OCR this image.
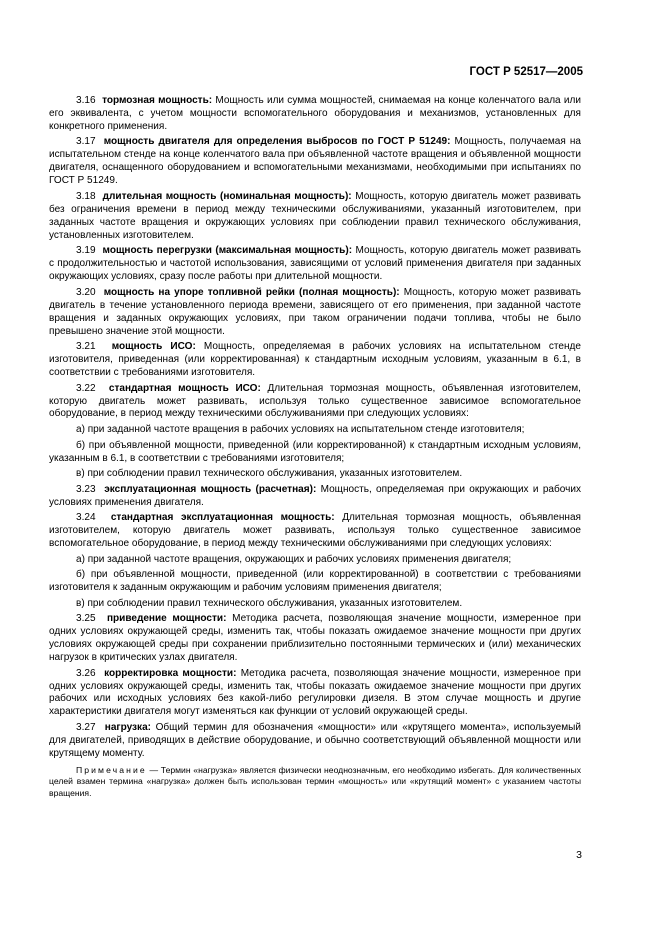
ГОСТ Р 52517—2005

3.16 тормозная мощность: Мощность или сумма мощностей, снимаемая на конце коленчатого вала или его эквивалента, с учетом мощности вспомогательного оборудования и механизмов, установленных для конкретного применения.

3.17 мощность двигателя для определения выбросов по ГОСТ Р 51249: Мощность, получаемая на испытательном стенде на конце коленчатого вала при объявленной частоте вращения и объявленной мощности двигателя, оснащенного оборудованием и вспомогательными механизмами, необходимыми при испытаниях по ГОСТ Р 51249.

3.18 длительная мощность (номинальная мощность): Мощность, которую двигатель может развивать без ограничения времени в период между техническими обслуживаниями, указанный изготовителем, при заданных частоте вращения и окружающих условиях при соблюдении правил технического обслуживания, установленных изготовителем.

3.19 мощность перегрузки (максимальная мощность): Мощность, которую двигатель может развивать с продолжительностью и частотой использования, зависящими от условий применения двигателя при заданных окружающих условиях, сразу после работы при длительной мощности.

3.20 мощность на упоре топливной рейки (полная мощность): Мощность, которую может развивать двигатель в течение установленного периода времени, зависящего от его применения, при заданной частоте вращения и заданных окружающих условиях, при таком ограничении подачи топлива, чтобы не было превышено значение этой мощности.

3.21 мощность ИСО: Мощность, определяемая в рабочих условиях на испытательном стенде изготовителя, приведенная (или корректированная) к стандартным исходным условиям, указанным в 6.1, в соответствии с требованиями изготовителя.

3.22 стандартная мощность ИСО: Длительная тормозная мощность, объявленная изготовителем, которую двигатель может развивать, используя только существенное зависимое вспомогательное оборудование, в период между техническими обслуживаниями при следующих условиях:

а) при заданной частоте вращения в рабочих условиях на испытательном стенде изготовителя;

б) при объявленной мощности, приведенной (или корректированной) к стандартным исходным условиям, указанным в 6.1, в соответствии с требованиями изготовителя;

в) при соблюдении правил технического обслуживания, указанных изготовителем.

3.23 эксплуатационная мощность (расчетная): Мощность, определяемая при окружающих и рабочих условиях применения двигателя.

3.24 стандартная эксплуатационная мощность: Длительная тормозная мощность, объявленная изготовителем, которую двигатель может развивать, используя только существенное зависимое вспомогательное оборудование, в период между техническими обслуживаниями при следующих условиях:

а) при заданной частоте вращения, окружающих и рабочих условиях применения двигателя;

б) при объявленной мощности, приведенной (или корректированной) в соответствии с требованиями изготовителя к заданным окружающим и рабочим условиям применения двигателя;

в) при соблюдении правил технического обслуживания, указанных изготовителем.

3.25 приведение мощности: Методика расчета, позволяющая значение мощности, измеренное при одних условиях окружающей среды, изменить так, чтобы показать ожидаемое значение мощности при других условиях окружающей среды при сохранении приблизительно постоянными термических и (или) механических нагрузок в критических узлах двигателя.

3.26 корректировка мощности: Методика расчета, позволяющая значение мощности, измеренное при одних условиях окружающей среды, изменить так, чтобы показать ожидаемое значение мощности при других рабочих или исходных условиях без какой-либо регулировки дизеля. В этом случае мощность и другие характеристики двигателя могут изменяться как функции от условий окружающей среды.

3.27 нагрузка: Общий термин для обозначения «мощности» или «крутящего момента», используемый для двигателей, приводящих в действие оборудование, и обычно соответствующий объявленной мощности или крутящему моменту.

Примечание — Термин «нагрузка» является физически неоднозначным, его необходимо избегать. Для количественных целей взамен термина «нагрузка» должен быть использован термин «мощность» или «крутящий момент» с указанием частоты вращения.

3
